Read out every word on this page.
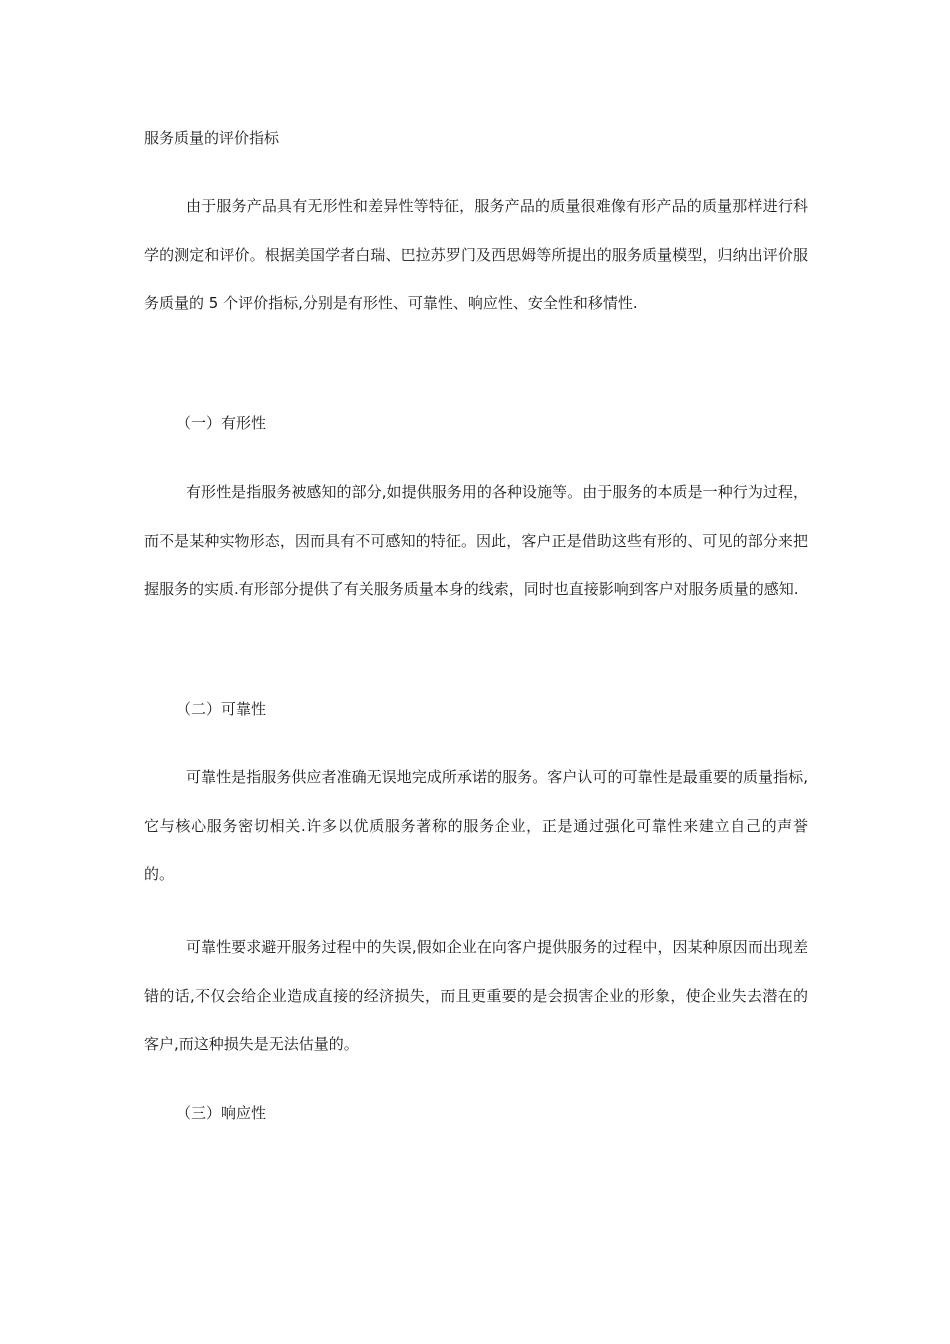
服务质量的评价指标

由于服务产品具有无形性和差异性等特征，服务产品的质量很难像有形产品的质量那样进行科学的测定和评价。根据美国学者白瑞、巴拉苏罗门及西思姆等所提出的服务质量模型，归纳出评价服务质量的 5 个评价指标,分别是有形性、可靠性、响应性、安全性和移情性.

（一）有形性

有形性是指服务被感知的部分,如提供服务用的各种设施等。由于服务的本质是一种行为过程，而不是某种实物形态，因而具有不可感知的特征。因此，客户正是借助这些有形的、可见的部分来把握服务的实质.有形部分提供了有关服务质量本身的线索，同时也直接影响到客户对服务质量的感知.

（二）可靠性

可靠性是指服务供应者准确无误地完成所承诺的服务。客户认可的可靠性是最重要的质量指标,它与核心服务密切相关.许多以优质服务著称的服务企业，正是通过强化可靠性来建立自己的声誉的。

可靠性要求避开服务过程中的失误,假如企业在向客户提供服务的过程中，因某种原因而出现差错的话,不仅会给企业造成直接的经济损失，而且更重要的是会损害企业的形象，使企业失去潜在的客户,而这种损失是无法估量的。

（三）响应性
